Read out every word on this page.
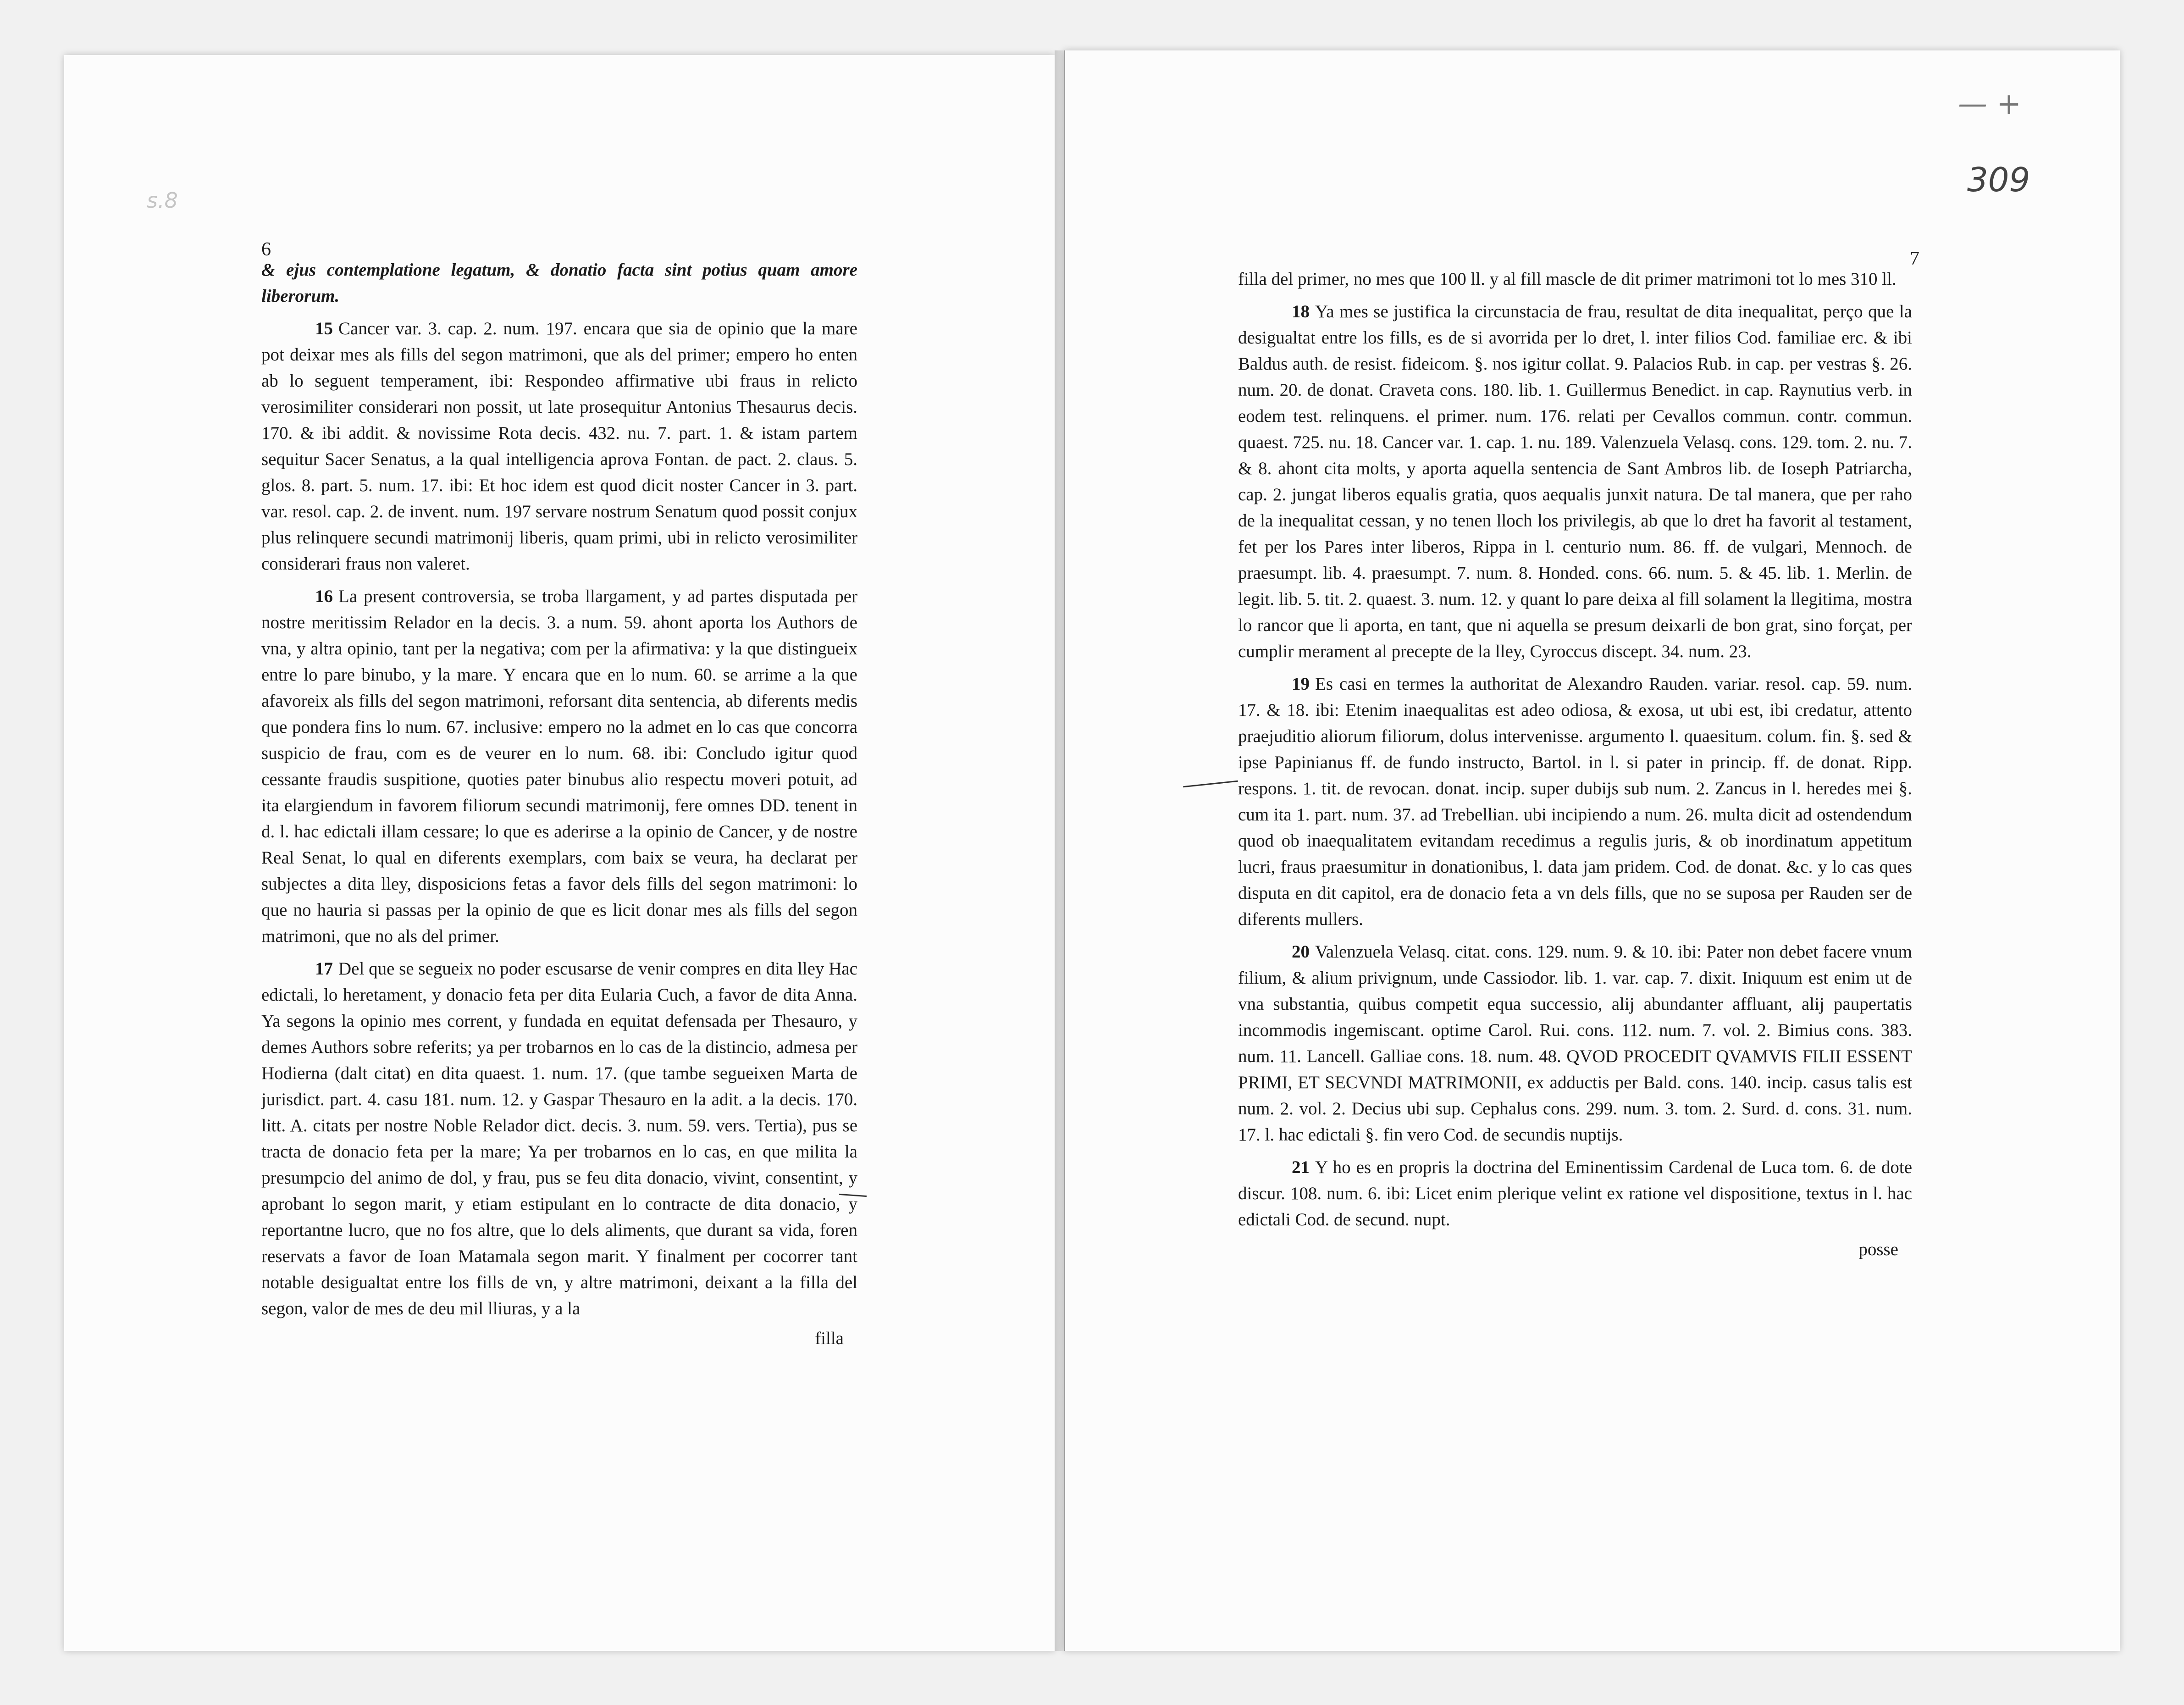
— +
309
s.8
6	7

& ejus contemplatione legatum, & donatio facta sint potius quam amore liberorum.

15 Cancer var. 3. cap. 2. num. 197. encara que sia de opinio que la mare pot deixar mes als fills del segon matrimoni, que als del primer; empero ho enten ab lo seguent temperament, ibi: Respondeo affirmative ubi fraus in relicto verosimiliter considerari non possit, ut late prosequitur Antonius Thesaurus decis. 170. & ibi addit. & novissime Rota decis. 432. nu. 7. part. 1. & istam partem sequitur Sacer Senatus, a la qual intelligencia aprova Fontan. de pact. 2. claus. 5. glos. 8. part. 5. num. 17. ibi: Et hoc idem est quod dicit noster Cancer in 3. part. var. resol. cap. 2. de invent. num. 197 servare nostrum Senatum quod possit conjux plus relinquere secundi matrimonij liberis, quam primi, ubi in relicto verosimiliter considerari fraus non valeret.

16 La present controversia, se troba llargament, y ad partes disputada per nostre meritissim Relador en la decis. 3. a num. 59. ahont aporta los Authors de vna, y altra opinio, tant per la negativa; com per la afirmativa: y la que distingueix entre lo pare binubo, y la mare. Y encara que en lo num. 60. se arrime a la que afavoreix als fills del segon matrimoni, reforsant dita sentencia, ab diferents medis que pondera fins lo num. 67. inclusive: empero no la admet en lo cas que concorra suspicio de frau, com es de veurer en lo num. 68. ibi: Concludo igitur quod cessante fraudis suspitione, quoties pater binubus alio respectu moveri potuit, ad ita elargiendum in favorem filiorum secundi matrimonij, fere omnes DD. tenent in d. l. hac edictali illam cessare; lo que es aderirse a la opinio de Cancer, y de nostre Real Senat, lo qual en diferents exemplars, com baix se veura, ha declarat per subjectes a dita lley, disposicions fetas a favor dels fills del segon matrimoni: lo que no hauria si passas per la opinio de que es licit donar mes als fills del segon matrimoni, que no als del primer.

17 Del que se segueix no poder escusarse de venir compres en dita lley Hac edictali, lo heretament, y donacio feta per dita Eularia Cuch, a favor de dita Anna. Ya segons la opinio mes corrent, y fundada en equitat defensada per Thesauro, y demes Authors sobre referits; ya per trobarnos en lo cas de la distincio, admesa per Hodierna (dalt citat) en dita quaest. 1. num. 17. (que tambe segueixen Marta de jurisdict. part. 4. casu 181. num. 12. y Gaspar Thesauro en la adit. a la decis. 170. litt. A. citats per nostre Noble Relador dict. decis. 3. num. 59. vers. Tertia), pus se tracta de donacio feta per la mare; Ya per trobarnos en lo cas, en que milita la presumpcio del animo de dol, y frau, pus se feu dita donacio, vivint, consentint, y aprobant lo segon marit, y etiam estipulant en lo contracte de dita donacio, y reportantne lucro, que no fos altre, que lo dels aliments, que durant sa vida, foren reservats a favor de Ioan Matamala segon marit. Y finalment per cocorrer tant notable desigualtat entre los fills de vn, y altre matrimoni, deixant a la filla del segon, valor de mes de deu mil lliuras, y a la

filla

filla del primer, no mes que 100 ll. y al fill mascle de dit primer matrimoni tot lo mes 310 ll.

18 Ya mes se justifica la circunstacia de frau, resultat de dita inequalitat, perço que la desigualtat entre los fills, es de si avorrida per lo dret, l. inter filios Cod. familiae erc. & ibi Baldus auth. de resist. fideicom. §. nos igitur collat. 9. Palacios Rub. in cap. per vestras §. 26. num. 20. de donat. Craveta cons. 180. lib. 1. Guillermus Benedict. in cap. Raynutius verb. in eodem test. relinquens. el primer. num. 176. relati per Cevallos commun. contr. commun. quaest. 725. nu. 18. Cancer var. 1. cap. 1. nu. 189. Valenzuela Velasq. cons. 129. tom. 2. nu. 7. & 8. ahont cita molts, y aporta aquella sentencia de Sant Ambros lib. de Ioseph Patriarcha, cap. 2. jungat liberos equalis gratia, quos aequalis junxit natura. De tal manera, que per raho de la inequalitat cessan, y no tenen lloch los privilegis, ab que lo dret ha favorit al testament, fet per los Pares inter liberos, Rippa in l. centurio num. 86. ff. de vulgari, Mennoch. de praesumpt. lib. 4. praesumpt. 7. num. 8. Honded. cons. 66. num. 5. & 45. lib. 1. Merlin. de legit. lib. 5. tit. 2. quaest. 3. num. 12. y quant lo pare deixa al fill solament la llegitima, mostra lo rancor que li aporta, en tant, que ni aquella se presum deixarli de bon grat, sino forçat, per cumplir merament al precepte de la lley, Cyroccus discept. 34. num. 23.

19 Es casi en termes la authoritat de Alexandro Rauden. variar. resol. cap. 59. num. 17. & 18. ibi: Etenim inaequalitas est adeo odiosa, & exosa, ut ubi est, ibi credatur, attento praejuditio aliorum filiorum, dolus intervenisse. argumento l. quaesitum. colum. fin. §. sed & ipse Papinianus ff. de fundo instructo, Bartol. in l. si pater in princip. ff. de donat. Ripp. respons. 1. tit. de revocan. donat. incip. super dubijs sub num. 2. Zancus in l. heredes mei §. cum ita 1. part. num. 37. ad Trebellian. ubi incipiendo a num. 26. multa dicit ad ostendendum quod ob inaequalitatem evitandam recedimus a regulis juris, & ob inordinatum appetitum lucri, fraus praesumitur in donationibus, l. data jam pridem. Cod. de donat. &c. y lo cas ques disputa en dit capitol, era de donacio feta a vn dels fills, que no se suposa per Rauden ser de diferents mullers.

20 Valenzuela Velasq. citat. cons. 129. num. 9. & 10. ibi: Pater non debet facere vnum filium, & alium privignum, unde Cassiodor. lib. 1. var. cap. 7. dixit. Iniquum est enim ut de vna substantia, quibus competit equa successio, alij abundanter affluant, alij paupertatis incommodis ingemiscant. optime Carol. Rui. cons. 112. num. 7. vol. 2. Bimius cons. 383. num. 11. Lancell. Galliae cons. 18. num. 48. QVOD PROCEDIT QVAMVIS FILII ESSENT PRIMI, ET SECVNDI MATRIMONII, ex adductis per Bald. cons. 140. incip. casus talis est num. 2. vol. 2. Decius ubi sup. Cephalus cons. 299. num. 3. tom. 2. Surd. d. cons. 31. num. 17. l. hac edictali §. fin vero Cod. de secundis nuptijs.

21 Y ho es en propris la doctrina del Eminentissim Cardenal de Luca tom. 6. de dote discur. 108. num. 6. ibi: Licet enim plerique velint ex ratione vel dispositione, textus in l. hac edictali Cod. de secund. nupt.

posse
